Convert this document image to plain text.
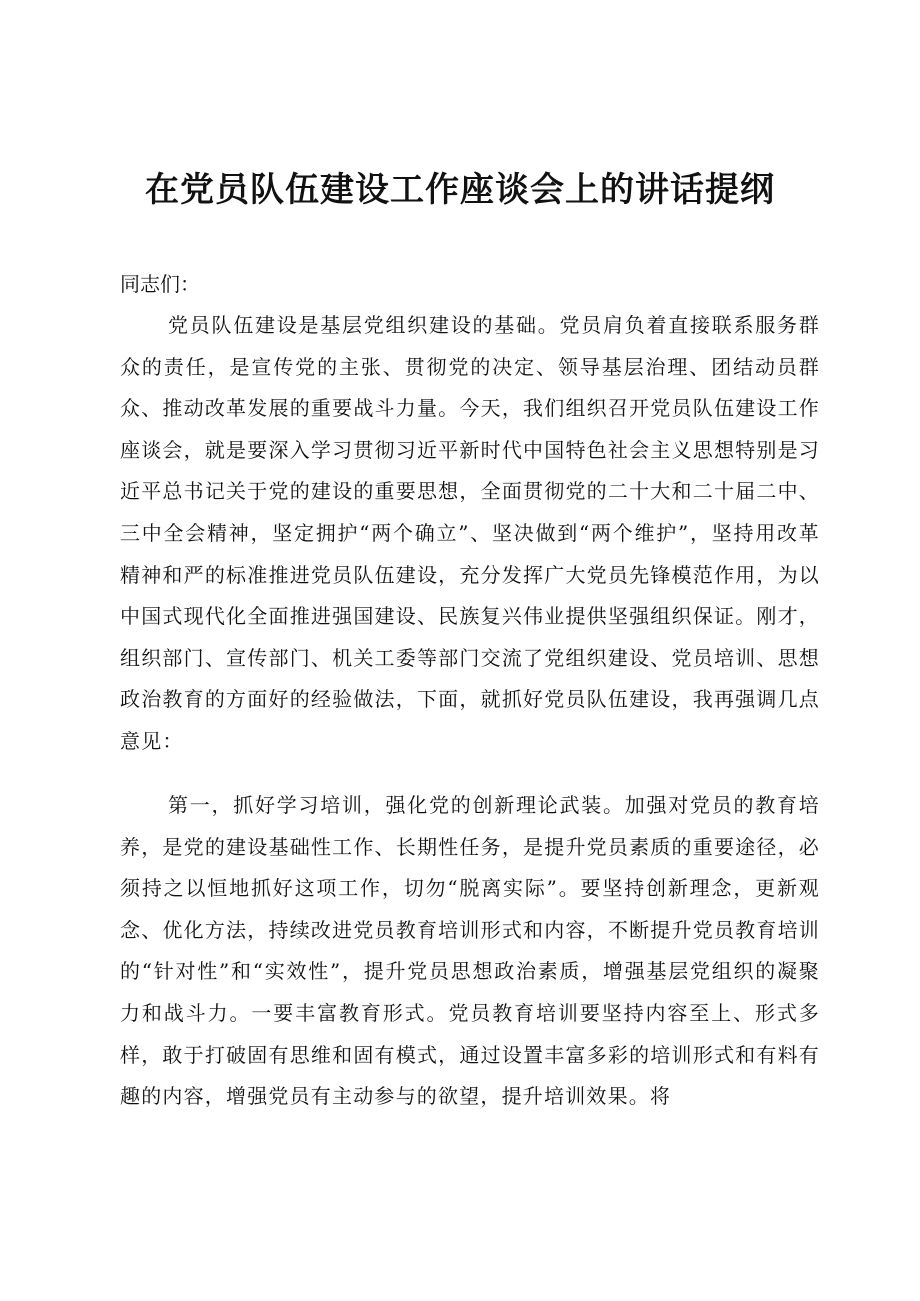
在党员队伍建设工作座谈会上的讲话提纲
同志们：

党员队伍建设是基层党组织建设的基础。党员肩负着直接联系服务群众的责任，是宣传党的主张、贯彻党的决定、领导基层治理、团结动员群众、推动改革发展的重要战斗力量。今天，我们组织召开党员队伍建设工作座谈会，就是要深入学习贯彻习近平新时代中国特色社会主义思想特别是习近平总书记关于党的建设的重要思想，全面贯彻党的二十大和二十届二中、三中全会精神，坚定拥护“两个确立”、坚决做到“两个维护”，坚持用改革精神和严的标准推进党员队伍建设，充分发挥广大党员先锋模范作用，为以中国式现代化全面推进强国建设、民族复兴伟业提供坚强组织保证。刚才，组织部门、宣传部门、机关工委等部门交流了党组织建设、党员培训、思想政治教育的方面好的经验做法，下面，就抓好党员队伍建设，我再强调几点意见：

第一，抓好学习培训，强化党的创新理论武装。加强对党员的教育培养，是党的建设基础性工作、长期性任务，是提升党员素质的重要途径，必须持之以恒地抓好这项工作，切勿“脱离实际”。要坚持创新理念，更新观念、优化方法，持续改进党员教育培训形式和内容，不断提升党员教育培训的“针对性”和“实效性”，提升党员思想政治素质，增强基层党组织的凝聚力和战斗力。一要丰富教育形式。党员教育培训要坚持内容至上、形式多样，敢于打破固有思维和固有模式，通过设置丰富多彩的培训形式和有料有趣的内容，增强党员有主动参与的欲望，提升培训效果。将
